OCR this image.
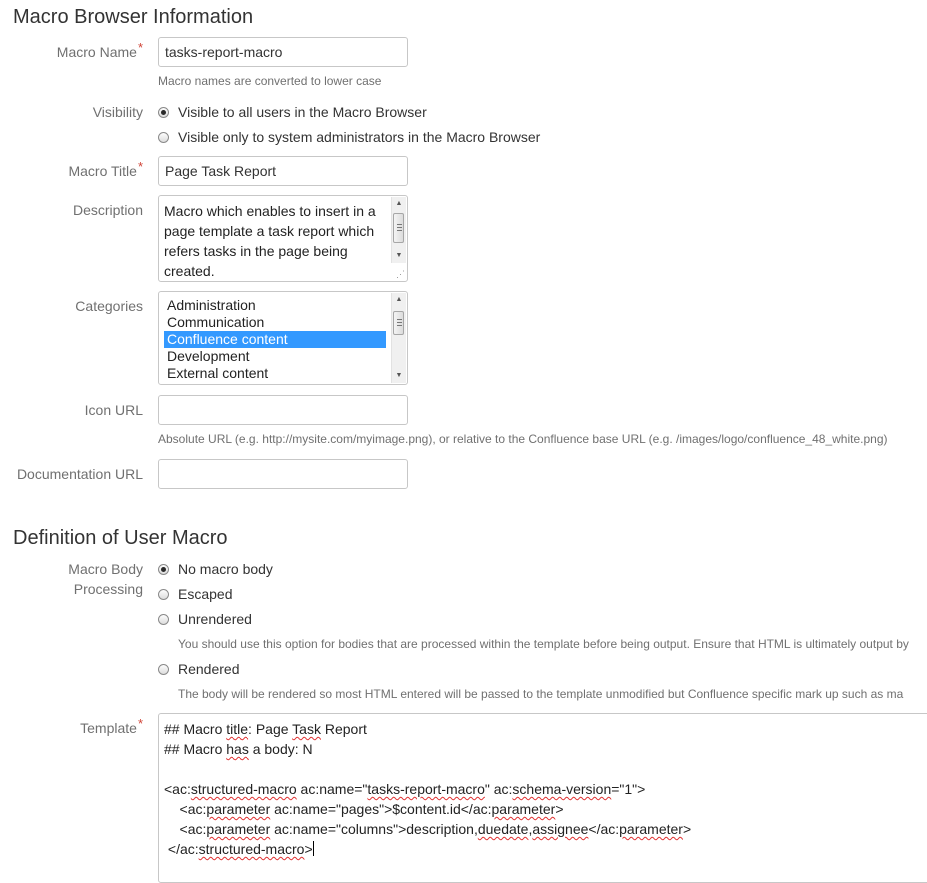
Macro Browser Information
Macro Name*
tasks-report-macro
Macro names are converted to lower case
Visibility	Visible to all users in the Macro Browser
Visible only to system administrators in the Macro Browser
Macro Title*
Page Task Report
Description Macro which enables to insert in a
page template a task report which
refers tasks in the page being
created.
▲
▼
⋰
Categories Administration
Communication
Confluence content
Development
External content
▲
▼
Icon URL
Absolute URL (e.g. http://mysite.com/myimage.png), or relative to the Confluence base URL (e.g. /images/logo/confluence_48_white.png)
Documentation URL
Definition of User Macro
Macro Body
Processing
No macro body
Escaped
Unrendered
You should use this option for bodies that are processed within the template before being output. Ensure that HTML is ultimately output by
Rendered
The body will be rendered so most HTML entered will be passed to the template unmodified but Confluence specific mark up such as ma
Template* ## Macro title: Page Task Report
## Macro has a body: N

<ac:structured-macro ac:name="tasks-report-macro" ac:schema-version="1">
<ac:parameter ac:name="pages">$content.id</ac:parameter>
<ac:parameter ac:name="columns">description,duedate,assignee</ac:parameter>
</ac:structured-macro>
